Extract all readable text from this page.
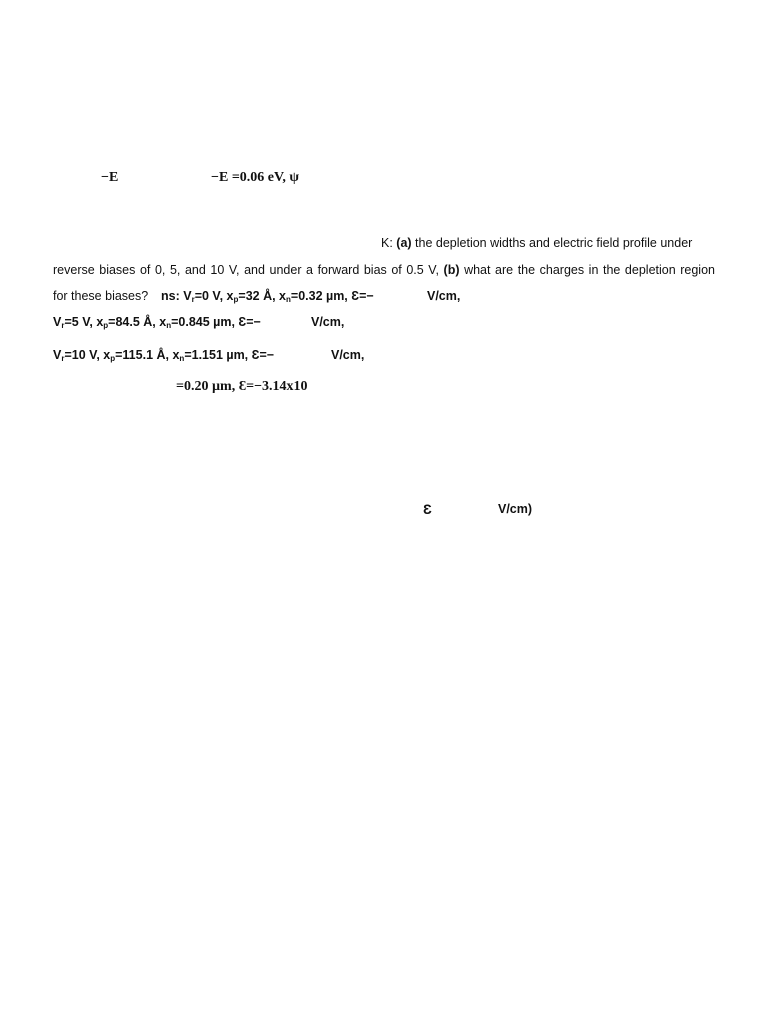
−E	−E =0.06 eV, ψ
K: (a) the depletion widths and electric field profile under
reverse biases of 0, 5, and 10 V, and under a forward bias of 0.5 V, (b) what are the charges in the depletion region
for these biases? ns: $V_r=0$ V, $x_p=32$ Å, $x_n=0.32$ µm, Ɛ=−	V/cm,
$V_r=5$ V, $x_p=84.5$ Å, $x_n=0.845$ µm, Ɛ=−	V/cm,
$V_r=10$ V, $x_p=115.1$ Å, $x_n=1.151$ µm, Ɛ=−	V/cm,
=0.20 µm, Ɛ=−3.14x10
Ɛ	V/cm)
